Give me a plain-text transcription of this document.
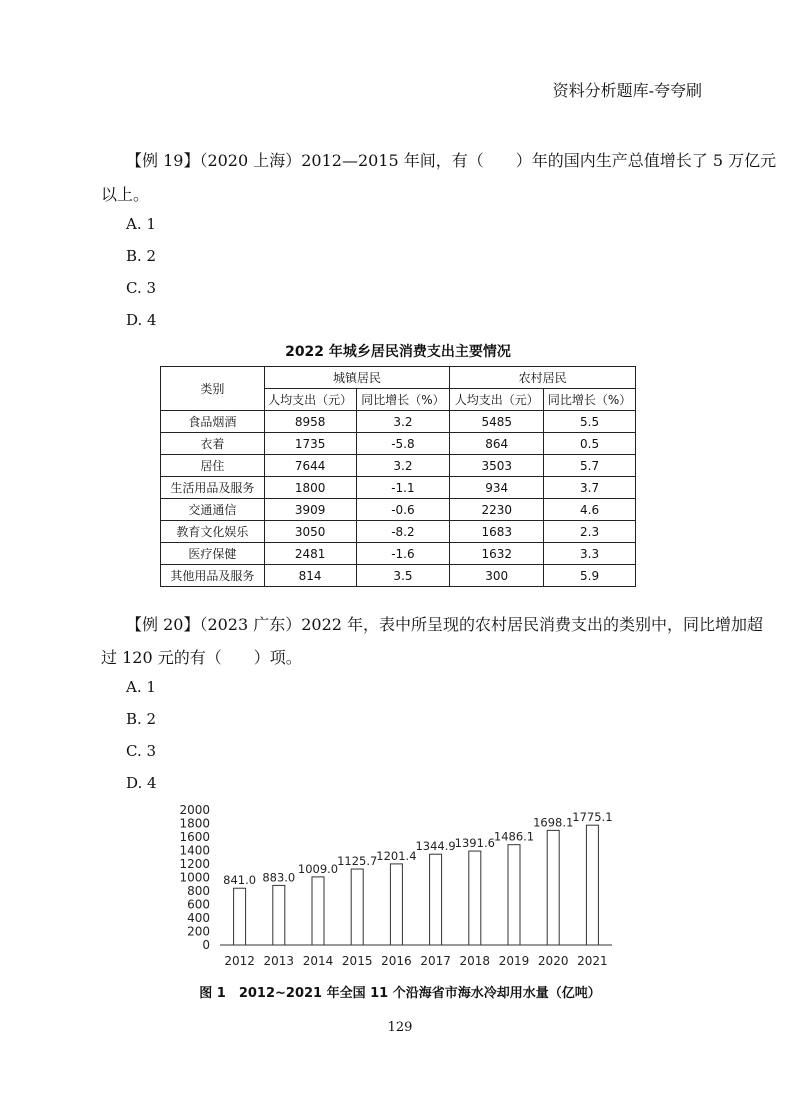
资料分析题库-夸夸刷
【例 19】（2020 上海）2012—2015 年间，有（　　）年的国内生产总值增长了 5 万亿元
以上。
A. 1
B. 2
C. 3
D. 4
2022 年城乡居民消费支出主要情况
类别	城镇居民		农村居民	
	人均支出（元）	同比增长（%）	人均支出（元）	同比增长（%）
食品烟酒	8958	3.2	5485	5.5
衣着	1735	-5.8	864	0.5
居住	7644	3.2	3503	5.7
生活用品及服务	1800	-1.1	934	3.7
交通通信	3909	-0.6	2230	4.6
教育文化娱乐	3050	-8.2	1683	2.3
医疗保健	2481	-1.6	1632	3.3
其他用品及服务	814	3.5	300	5.9
【例 20】（2023 广东）2022 年，表中所呈现的农村居民消费支出的类别中，同比增加超
过 120 元的有（　　）项。
A. 1
B. 2
C. 3
D. 4
0
200
400
600
800
1000
1200
1400
1600
1800
2000
841.0
2012
883.0
2013
1009.0
2014
1125.7
2015
1201.4
2016
1344.9
2017
1391.6
2018
1486.1
2019
1698.1
2020
1775.1
2021
图 1　2012~2021 年全国 11 个沿海省市海水冷却用水量（亿吨）
129
